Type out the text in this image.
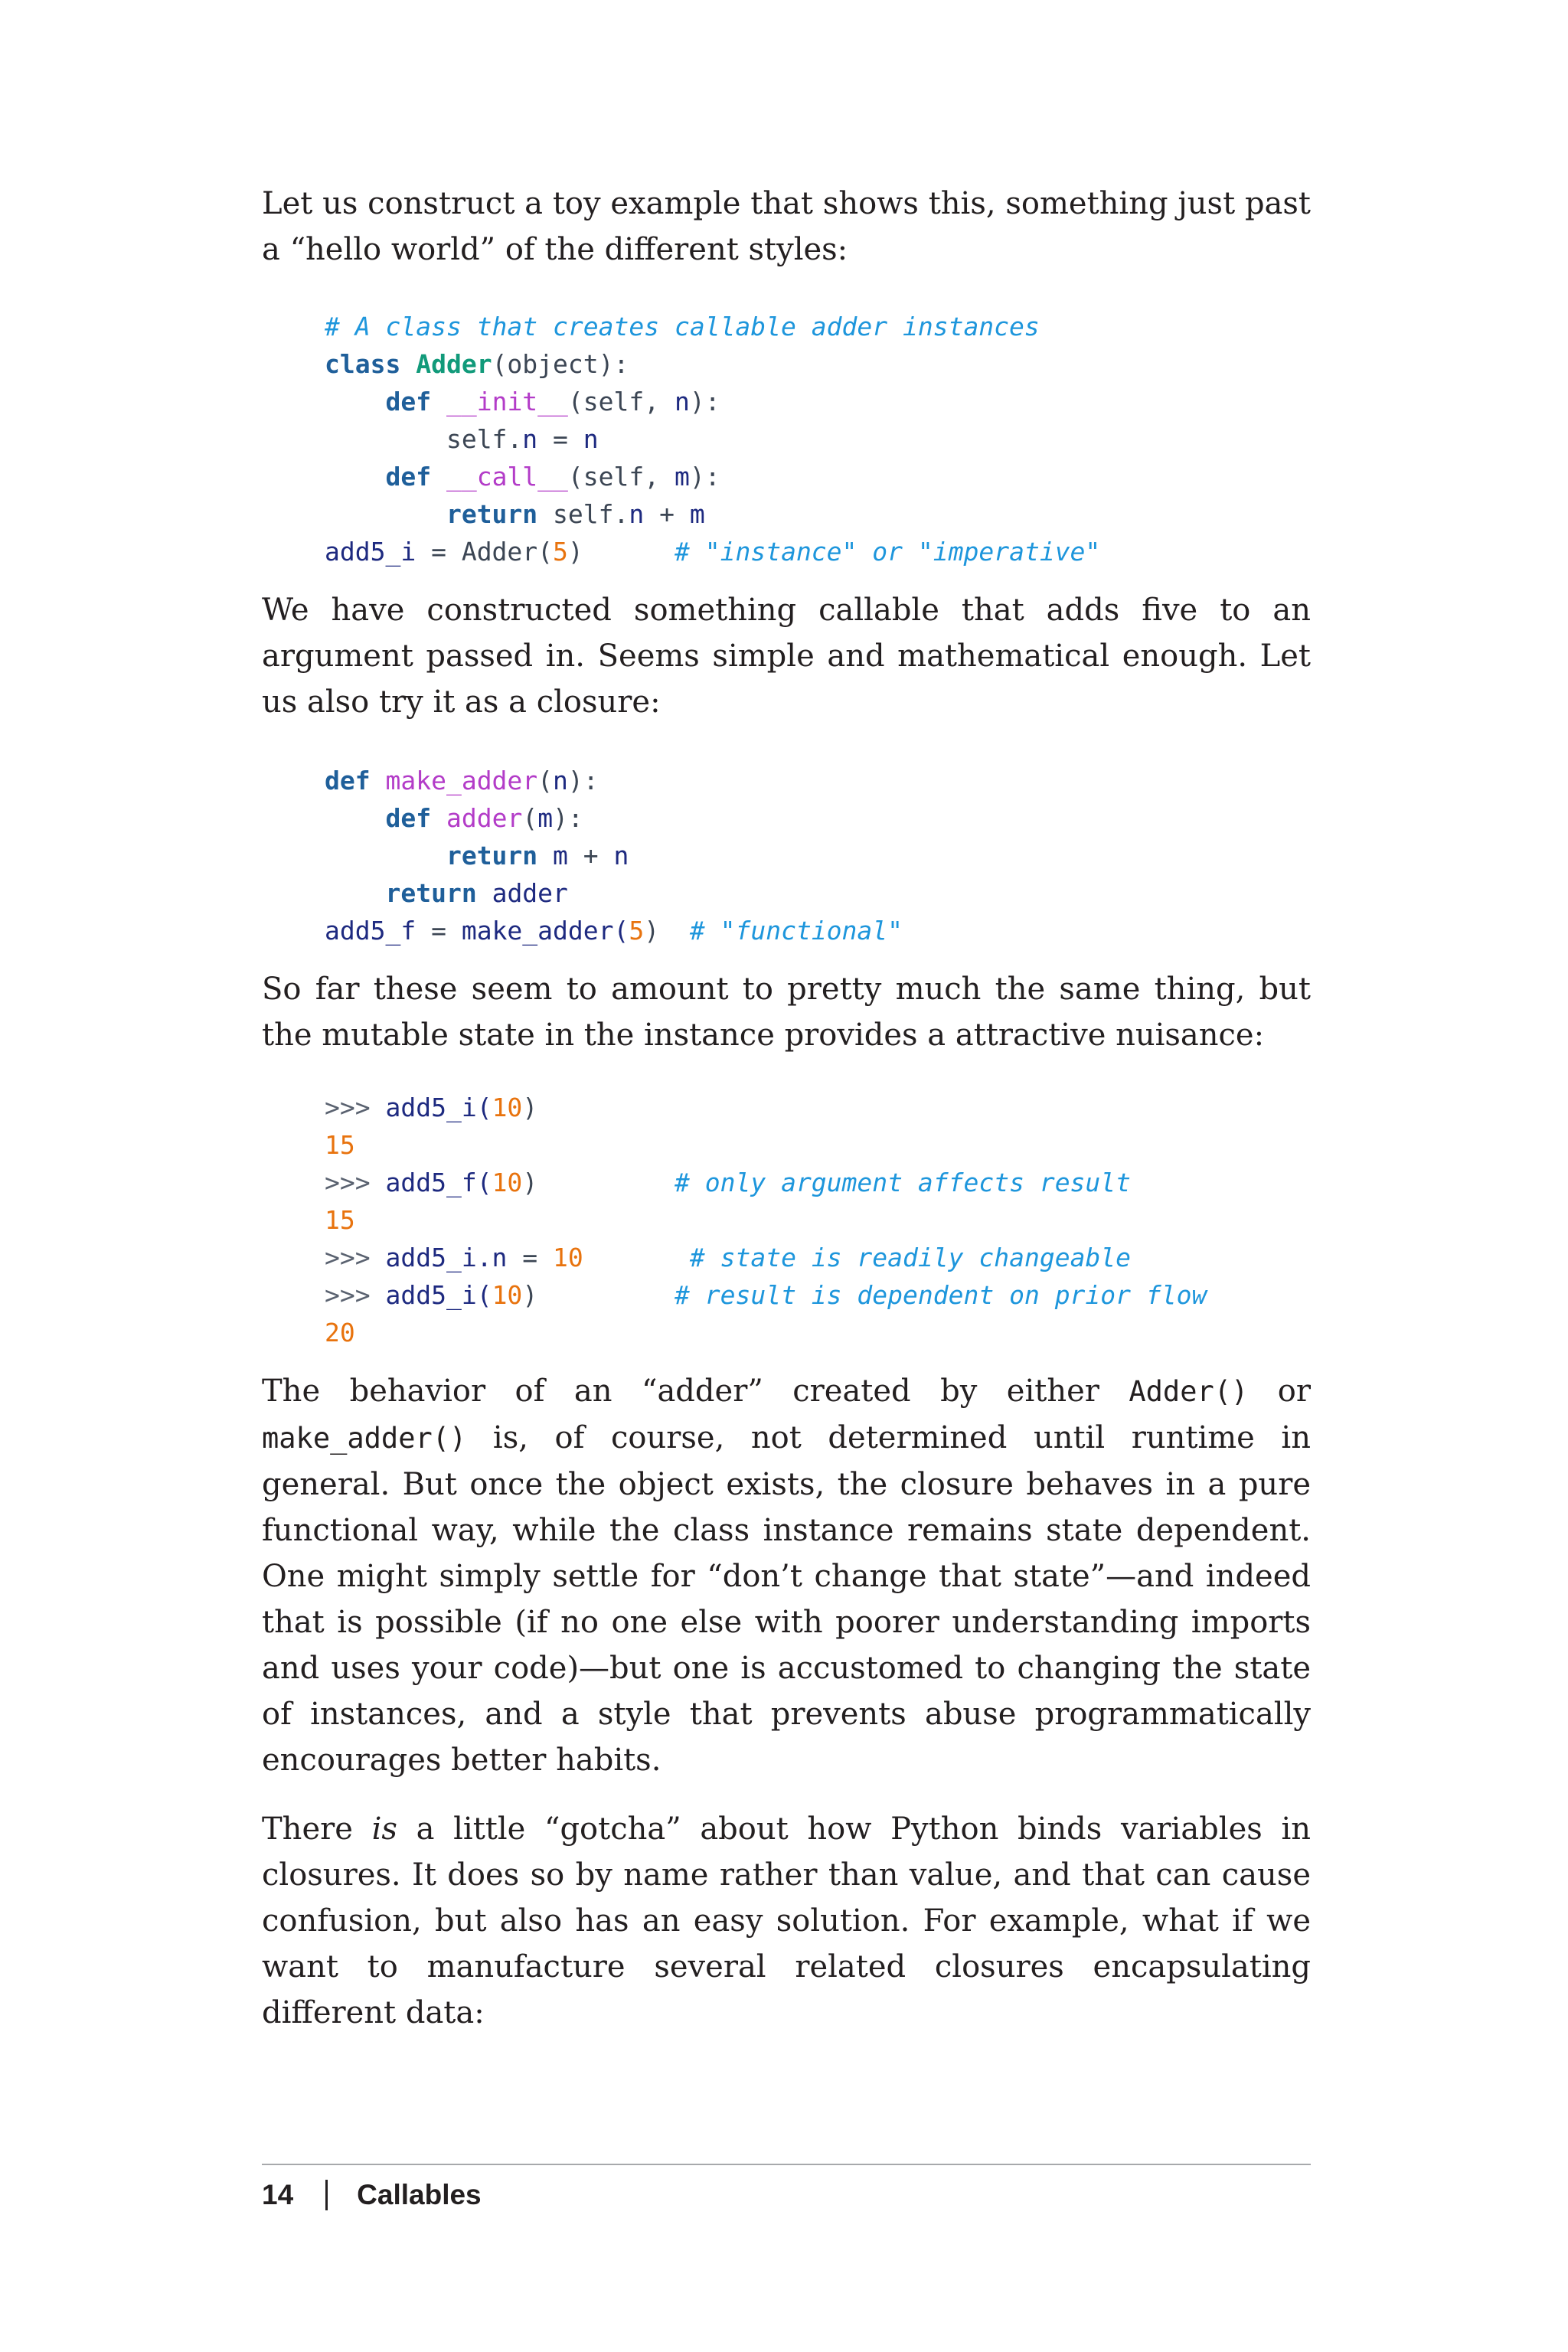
Let us construct a toy example that shows this, something just past a “hello world” of the different styles:

# A class that creates callable adder instances
class Adder(object):
def __init__(self, n):
self.n = n
def __call__(self, m):
return self.n + m
add5_i = Adder(5)	# "instance" or "imperative"

We have constructed something callable that adds five to an argument passed in. Seems simple and mathematical enough. Let us also try it as a closure:

def make_adder(n):
def adder(m):
return m + n
return adder
add5_f = make_adder(5) # "functional"

So far these seem to amount to pretty much the same thing, but the mutable state in the instance provides a attractive nuisance:

>>> add5_i(10)
15
>>> add5_f(10)	# only argument affects result
15
>>> add5_i.n = 10	# state is readily changeable
>>> add5_i(10)	# result is dependent on prior flow
20

The behavior of an “adder” created by either Adder() or make_adder() is, of course, not determined until runtime in general. But once the object exists, the closure behaves in a pure functional way, while the class instance remains state dependent. One might simply settle for “don’t change that state”—and indeed that is possible (if no one else with poorer understanding imports and uses your code)—but one is accustomed to changing the state of instances, and a style that prevents abuse programmatically encourages better habits.

There is a little “gotcha” about how Python binds variables in closures. It does so by name rather than value, and that can cause confusion, but also has an easy solution. For example, what if we want to manufacture several related closures encapsulating different data:

14 Callables
